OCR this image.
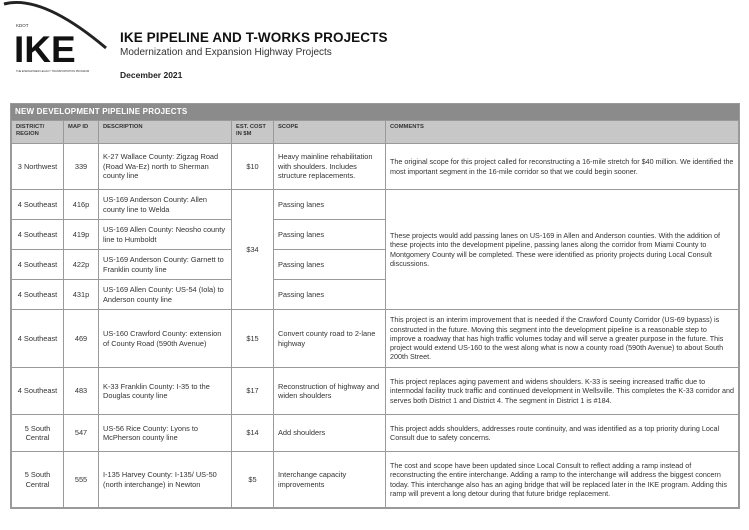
KDOT
IKE
THE EISENHOWER LEGACY TRANSPORTATION PROGRAM
IKE PIPELINE AND T-WORKS PROJECTS
Modernization and Expansion Highway Projects
December 2021
NEW DEVELOPMENT PIPELINE PROJECTS
DISTRICT/ REGION	MAP ID	DESCRIPTION	EST. COST IN $M	SCOPE	COMMENTS
3 Northwest	339	K-27 Wallace County: Zigzag Road (Road Wa-Ez) north to Sherman county line	$10	Heavy mainline rehabilitation with shoulders. Includes structure replacements.	The original scope for this project called for reconstructing a 16-mile stretch for $40 million. We identified the most important segment in the 16-mile corridor so that we could begin sooner.
4 Southeast	416p	US-169 Anderson County: Allen county line to Welda	$34	Passing lanes	These projects would add passing lanes on US-169 in Allen and Anderson counties. With the addition of these projects into the development pipeline, passing lanes along the corridor from Miami County to Montgomery County will be completed. These were identified as priority projects during Local Consult discussions.
4 Southeast	419p	US-169 Allen County: Neosho county line to Humboldt		Passing lanes	
4 Southeast	422p	US-169 Anderson County: Garnett to Franklin county line		Passing lanes	
4 Southeast	431p	US-169 Allen County: US-54 (Iola) to Anderson county line		Passing lanes	
4 Southeast	469	US-160 Crawford County: extension of County Road (590th Avenue)	$15	Convert county road to 2-lane highway	This project is an interim improvement that is needed if the Crawford County Corridor (US-69 bypass) is constructed in the future. Moving this segment into the development pipeline is a reasonable step to improve a roadway that has high traffic volumes today and will serve a greater purpose in the future. This project would extend US-160 to the west along what is now a county road (590th Avenue) to about South 200th Street.
4 Southeast	483	K-33 Franklin County: I-35 to the Douglas county line	$17	Reconstruction of highway and widen shoulders	This project replaces aging pavement and widens shoulders. K-33 is seeing increased traffic due to intermodal facility truck traffic and continued development in Wellsville. This completes the K-33 corridor and serves both District 1 and District 4. The segment in District 1 is #184.
5 South Central	547	US-56 Rice County: Lyons to McPherson county line	$14	Add shoulders	This project adds shoulders, addresses route continuity, and was identified as a top priority during Local Consult due to safety concerns.
5 South Central	555	I-135 Harvey County: I-135/ US-50 (north interchange) in Newton	$5	Interchange capacity improvements	The cost and scope have been updated since Local Consult to reflect adding a ramp instead of reconstructing the entire interchange. Adding a ramp to the interchange will address the biggest concern today. This interchange also has an aging bridge that will be replaced later in the IKE program. Adding this ramp will prevent a long detour during that future bridge replacement.
